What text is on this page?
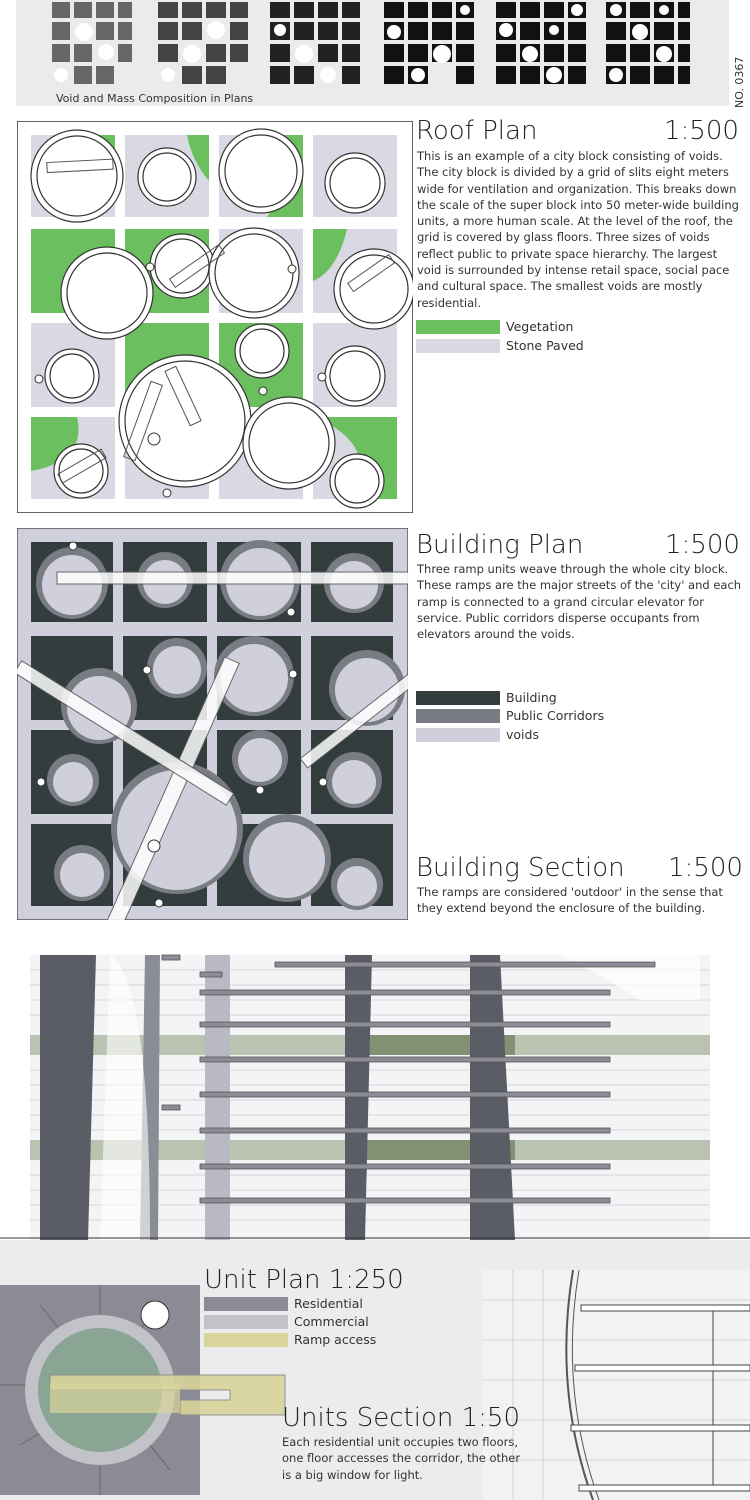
Void and Mass Composition in Plans	NO. 0367
Roof Plan	1:500
This is an example of a city block consisting of voids. The city block is divided by a grid of slits eight meters wide for ventilation and organization. This breaks down the scale of the super block into 50 meter-wide building units, a more human scale. At the level of the roof, the grid is covered by glass floors. Three sizes of voids reflect public to private space hierarchy. The largest void is surrounded by intense retail space, social pace and cultural space. The smallest voids are mostly residential.
Vegetation
Stone Paved
Building Plan	1:500
Three ramp units weave through the whole city block. These ramps are the major streets of the 'city' and each ramp is connected to a grand circular elevator for service. Public corridors disperse occupants from elevators around the voids.
Building
Public Corridors
voids
Building Section 1:500
The ramps are considered 'outdoor' in the sense that they extend beyond the enclosure of the building.
Unit Plan 1:250
Residential
Commercial
Ramp access
Units Section 1:50
Each residential unit occupies two floors, one floor accesses the corridor, the other is a big window for light.
